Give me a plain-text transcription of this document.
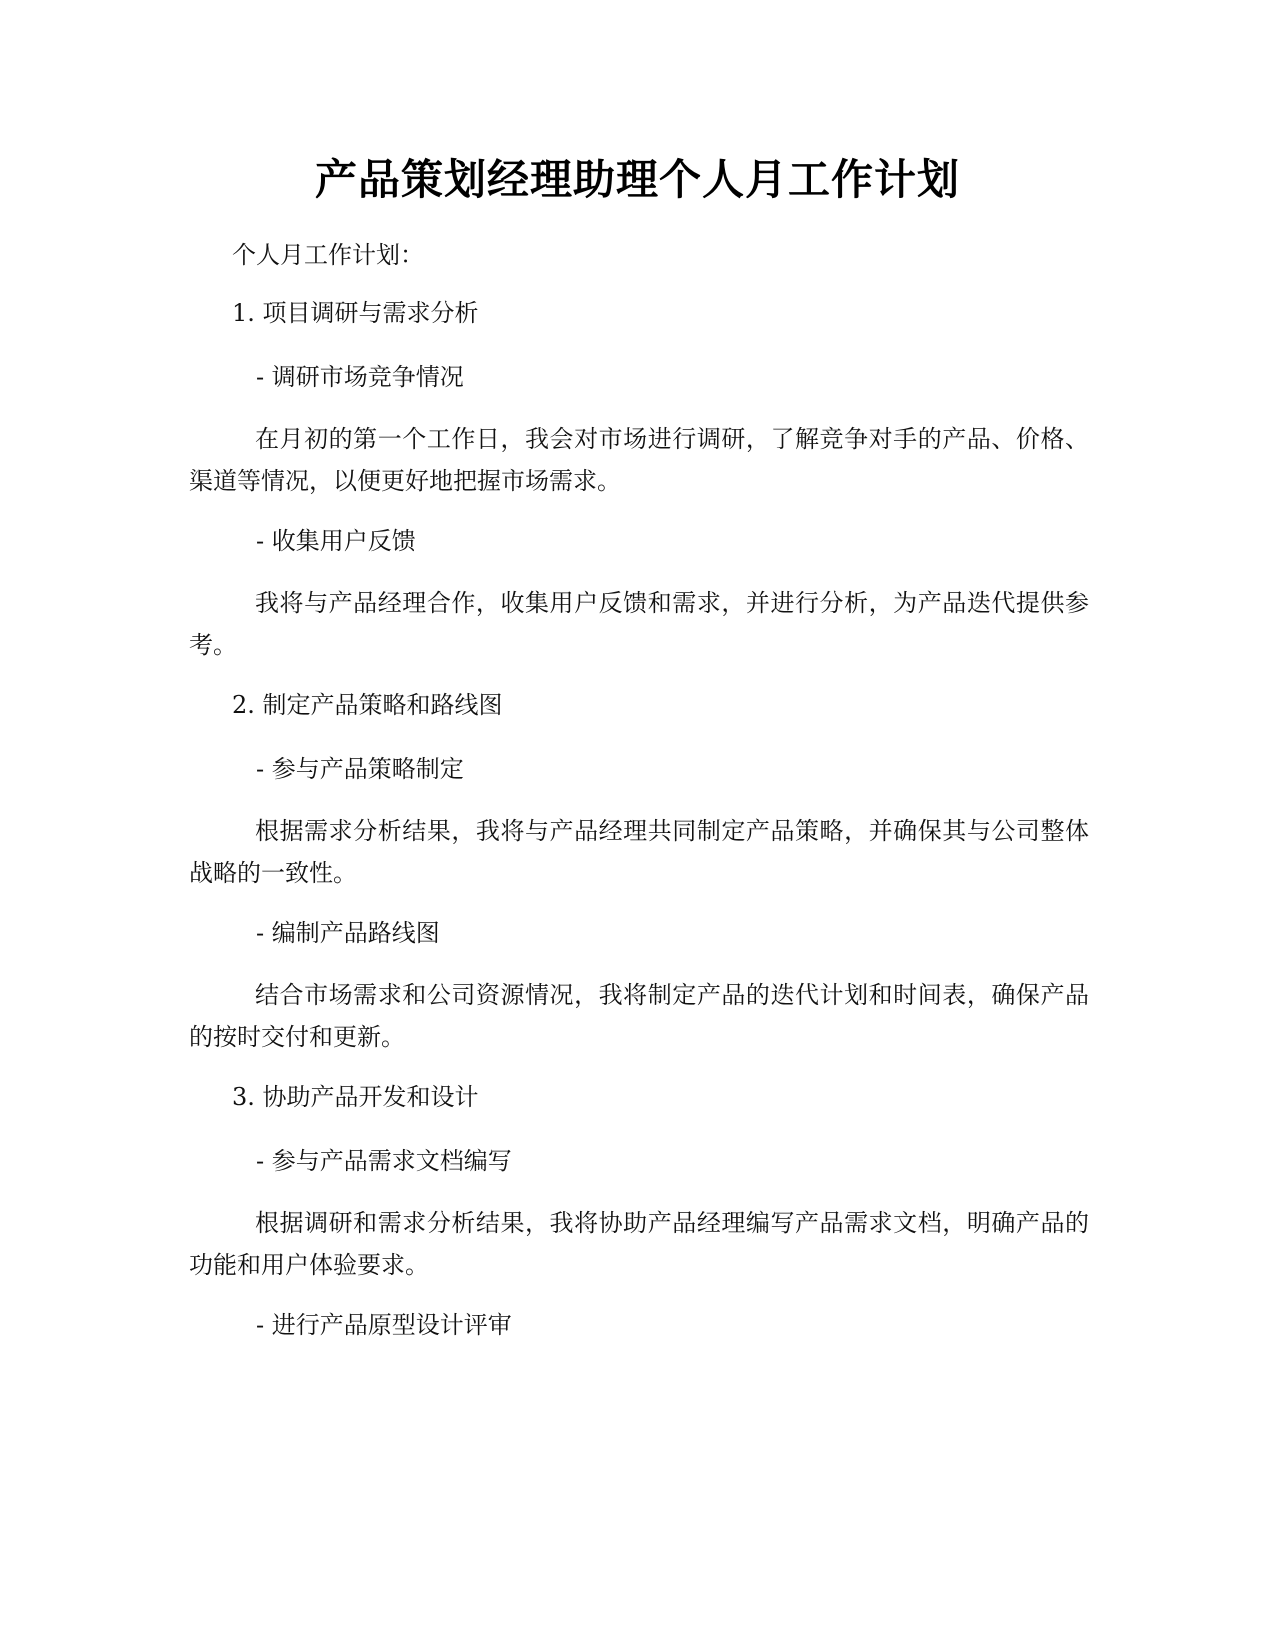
产品策划经理助理个人月工作计划

个人月工作计划：

1. 项目调研与需求分析

- 调研市场竞争情况

在月初的第一个工作日，我会对市场进行调研，了解竞争对手的产品、价格、渠道等情况，以便更好地把握市场需求。

- 收集用户反馈

我将与产品经理合作，收集用户反馈和需求，并进行分析，为产品迭代提供参考。

2. 制定产品策略和路线图

- 参与产品策略制定

根据需求分析结果，我将与产品经理共同制定产品策略，并确保其与公司整体战略的一致性。

- 编制产品路线图

结合市场需求和公司资源情况，我将制定产品的迭代计划和时间表，确保产品的按时交付和更新。

3. 协助产品开发和设计

- 参与产品需求文档编写

根据调研和需求分析结果，我将协助产品经理编写产品需求文档，明确产品的功能和用户体验要求。

- 进行产品原型设计评审
